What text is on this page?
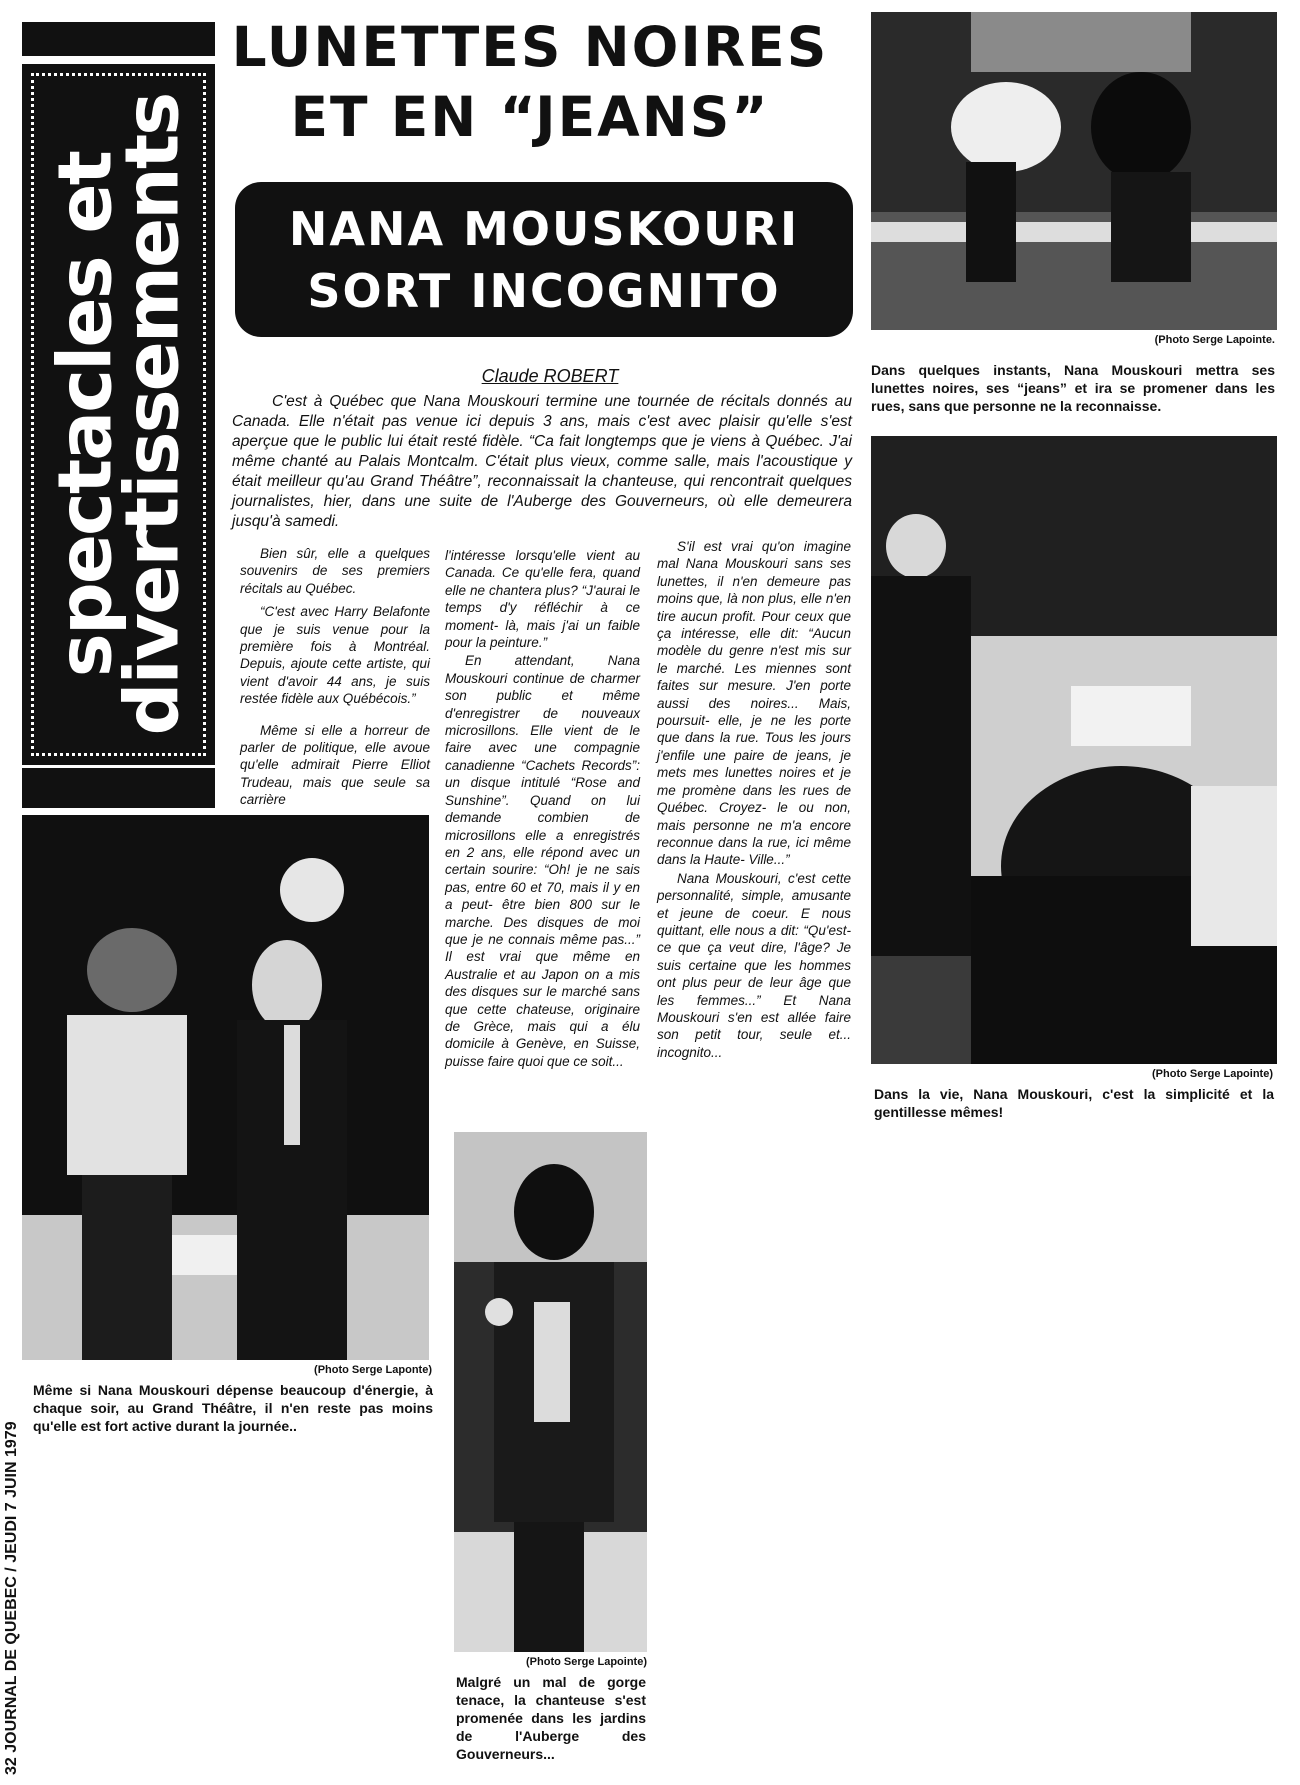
spectacles et
divertissements
LUNETTES NOIRES
ET EN “JEANS”
NANA MOUSKOURI
SORT INCOGNITO
Claude ROBERT
C'est à Québec que Nana Mouskouri termine une tournée de récitals donnés au Canada. Elle n'était pas venue ici depuis 3 ans, mais c'est avec plaisir qu'elle s'est aperçue que le public lui était resté fidèle. “Ca fait longtemps que je viens à Québec. J'ai même chanté au Palais Montcalm. C'était plus vieux, comme salle, mais l'acoustique y était meilleur qu'au Grand Théâtre”, reconnaissait la chanteuse, qui rencontrait quelques journalistes, hier, dans une suite de l'Auberge des Gouverneurs, où elle demeurera jusqu'à samedi.

Bien sûr, elle a quelques souvenirs de ses premiers récitals au Québec.

“C'est avec Harry Belafonte que je suis venue pour la première fois à Montréal. Depuis, ajoute cette artiste, qui vient d'avoir 44 ans, je suis restée fidèle aux Québécois.”

Même si elle a horreur de parler de politique, elle avoue qu'elle admirait Pierre Elliot Trudeau, mais que seule sa carrière

l'intéresse lorsqu'elle vient au Canada. Ce qu'elle fera, quand elle ne chantera plus? “J'aurai le temps d'y réfléchir à ce moment- là, mais j'ai un faible pour la peinture.”

En attendant, Nana Mouskouri continue de charmer son public et même d'enregistrer de nouveaux microsillons. Elle vient de le faire avec une compagnie canadienne “Cachets Records”: un disque intitulé “Rose and Sunshine”. Quand on lui demande combien de microsillons elle a enregistrés en 2 ans, elle répond avec un certain sourire: “Oh! je ne sais pas, entre 60 et 70, mais il y en a peut- être bien 800 sur le marche. Des disques de moi que je ne connais même pas...” Il est vrai que même en Australie et au Japon on a mis des disques sur le marché sans que cette chateuse, originaire de Grèce, mais qui a élu domicile à Genève, en Suisse, puisse faire quoi que ce soit...

S'il est vrai qu'on imagine mal Nana Mouskouri sans ses lunettes, il n'en demeure pas moins que, là non plus, elle n'en tire aucun profit. Pour ceux que ça intéresse, elle dit: “Aucun modèle du genre n'est mis sur le marché. Les miennes sont faites sur mesure. J'en porte aussi des noires... Mais, poursuit- elle, je ne les porte que dans la rue. Tous les jours j'enfile une paire de jeans, je mets mes lunettes noires et je me promène dans les rues de Québec. Croyez- le ou non, mais personne ne m'a encore reconnue dans la rue, ici même dans la Haute- Ville...”

Nana Mouskouri, c'est cette personnalité, simple, amusante et jeune de coeur. E nous quittant, elle nous a dit: “Qu'est- ce que ça veut dire, l'âge? Je suis certaine que les hommes ont plus peur de leur âge que les femmes...” Et Nana Mouskouri s'en est allée faire son petit tour, seule et... incognito...

(Photo Serge Lapointe.
Dans quelques instants, Nana Mouskouri mettra ses lunettes noires, ses “jeans” et ira se promener dans les rues, sans que personne ne la reconnaisse.
(Photo Serge Lapointe)
Dans la vie, Nana Mouskouri, c'est la simplicité et la gentillesse mêmes!
(Photo Serge Laponte)
Même si Nana Mouskouri dépense beaucoup d'énergie, à chaque soir, au Grand Théâtre, il n'en reste pas moins qu'elle est fort active durant la journée..
(Photo Serge Lapointe)
Malgré un mal de gorge tenace, la chanteuse s'est promenée dans les jardins de l'Auberge des Gouverneurs...
32 JOURNAL DE QUEBEC / JEUDI 7 JUIN 1979
